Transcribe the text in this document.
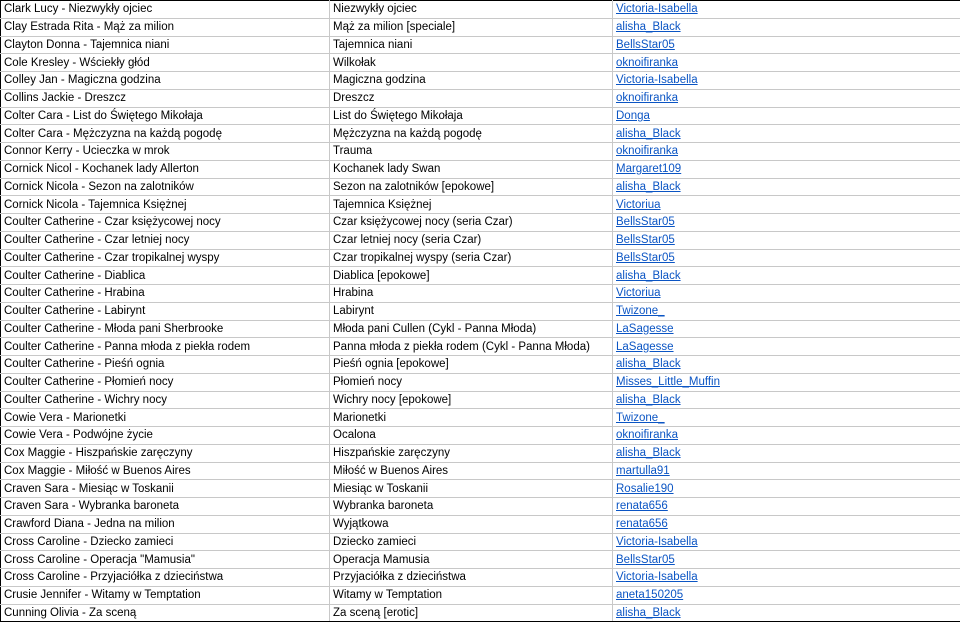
Clark Lucy - Niezwykły ojciec	Niezwykły ojciec	Victoria-Isabella
Clay Estrada Rita - Mąż za milion	Mąż za milion [speciale]	alisha_Black
Clayton Donna - Tajemnica niani	Tajemnica niani	BellsStar05
Cole Kresley - Wściekły głód	Wilkołak	oknoifiranka
Colley Jan - Magiczna godzina	Magiczna godzina	Victoria-Isabella
Collins Jackie - Dreszcz	Dreszcz	oknoifiranka
Colter Cara - List do Świętego Mikołaja	List do Świętego Mikołaja	Donga
Colter Cara - Mężczyzna na każdą pogodę	Mężczyzna na każdą pogodę	alisha_Black
Connor Kerry - Ucieczka w mrok	Trauma	oknoifiranka
Cornick Nicol - Kochanek lady Allerton	Kochanek lady Swan	Margaret109
Cornick Nicola - Sezon na zalotników	Sezon na zalotników [epokowe]	alisha_Black
Cornick Nicola - Tajemnica Księżnej	Tajemnica Księżnej	Victoriua
Coulter Catherine - Czar księżycowej nocy	Czar księżycowej nocy (seria Czar)	BellsStar05
Coulter Catherine - Czar letniej nocy	Czar letniej nocy (seria Czar)	BellsStar05
Coulter Catherine - Czar tropikalnej wyspy	Czar tropikalnej wyspy (seria Czar)	BellsStar05
Coulter Catherine - Diablica	Diablica [epokowe]	alisha_Black
Coulter Catherine - Hrabina	Hrabina	Victoriua
Coulter Catherine - Labirynt	Labirynt	Twizone_
Coulter Catherine - Młoda pani Sherbrooke	Młoda pani Cullen (Cykl - Panna Młoda)	LaSagesse
Coulter Catherine - Panna młoda z piekła rodem	Panna młoda z piekła rodem (Cykl - Panna Młoda)	LaSagesse
Coulter Catherine - Pieśń ognia	Pieśń ognia [epokowe]	alisha_Black
Coulter Catherine - Płomień nocy	Płomień nocy	Misses_Little_Muffin
Coulter Catherine - Wichry nocy	Wichry nocy [epokowe]	alisha_Black
Cowie Vera - Marionetki	Marionetki	Twizone_
Cowie Vera - Podwójne życie	Ocalona	oknoifiranka
Cox Maggie - Hiszpańskie zaręczyny	Hiszpańskie zaręczyny	alisha_Black
Cox Maggie - Miłość w Buenos Aires	Miłość w Buenos Aires	martulla91
Craven Sara - Miesiąc w Toskanii	Miesiąc w Toskanii	Rosalie190
Craven Sara - Wybranka baroneta	Wybranka baroneta	renata656
Crawford Diana - Jedna na milion	Wyjątkowa	renata656
Cross Caroline - Dziecko zamieci	Dziecko zamieci	Victoria-Isabella
Cross Caroline - Operacja "Mamusia"	Operacja Mamusia	BellsStar05
Cross Caroline - Przyjaciółka z dzieciństwa	Przyjaciółka z dzieciństwa	Victoria-Isabella
Crusie Jennifer - Witamy w Temptation	Witamy w Temptation	aneta150205
Cunning Olivia - Za sceną	Za sceną [erotic]	alisha_Black
